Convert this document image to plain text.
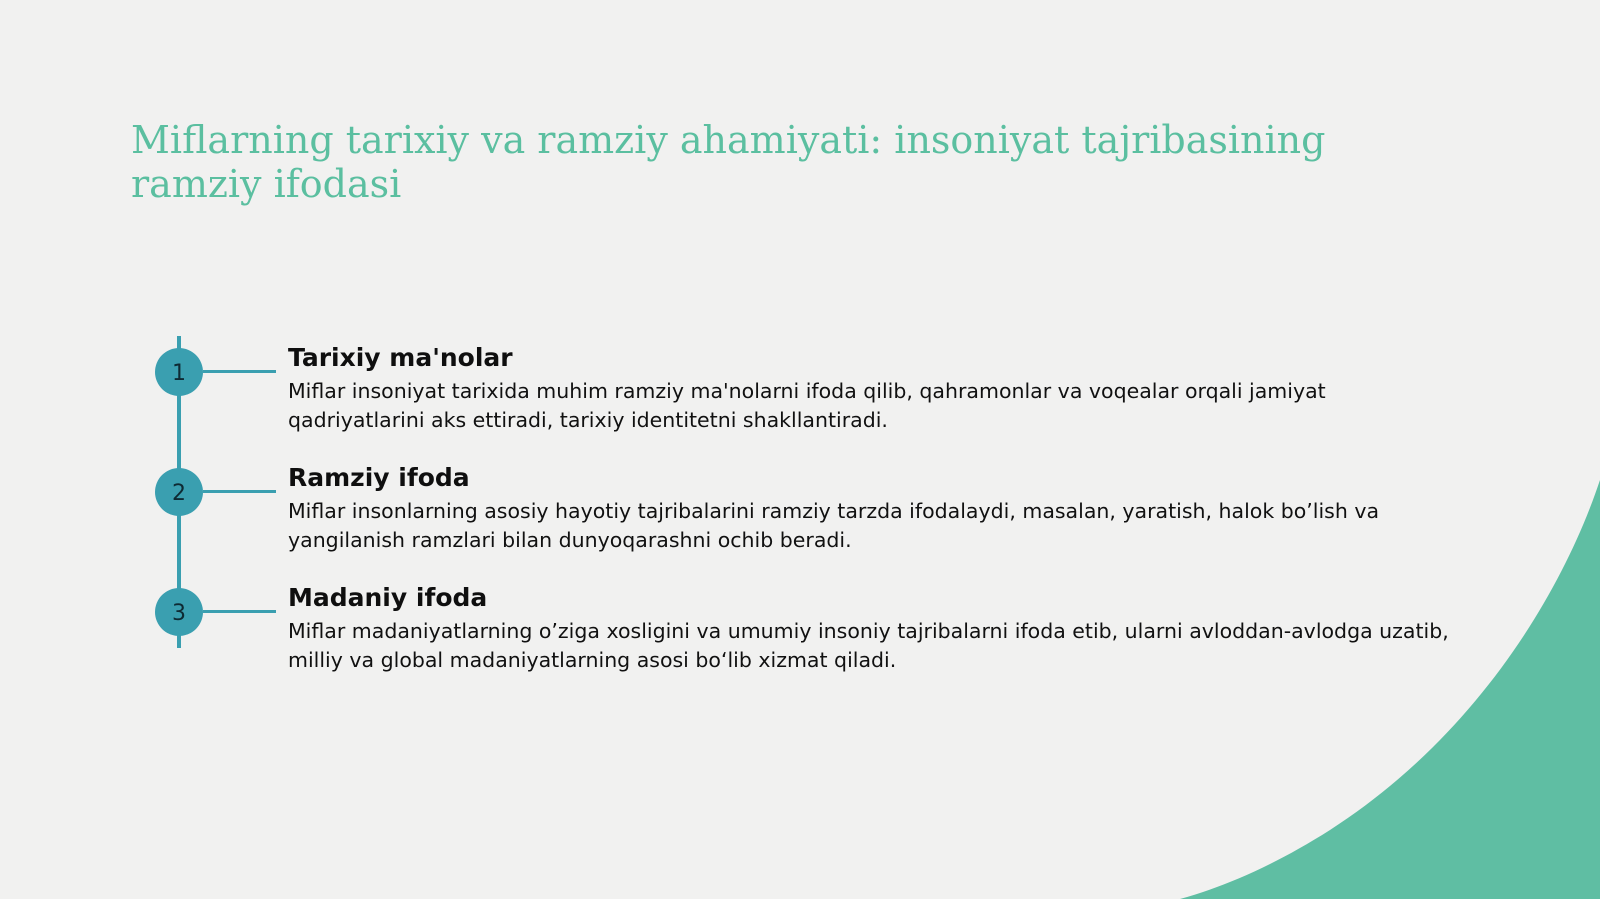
Miflarning tarixiy va ramziy ahamiyati: insoniyat tajribasining ramziy ifodasi
1
Tarixiy ma'nolar

Miflar insoniyat tarixida muhim ramziy ma'nolarni ifoda qilib, qahramonlar va voqealar orqali jamiyat qadriyatlarini aks ettiradi, tarixiy identitetni shakllantiradi.

2
Ramziy ifoda

Miflar insonlarning asosiy hayotiy tajribalarini ramziy tarzda ifodalaydi, masalan, yaratish, halok bo’lish va yangilanish ramzlari bilan dunyoqarashni ochib beradi.

3
Madaniy ifoda

Miflar madaniyatlarning o’ziga xosligini va umumiy insoniy tajribalarni ifoda etib, ularni avloddan-avlodga uzatib, milliy va global madaniyatlarning asosi bo‘lib xizmat qiladi.
